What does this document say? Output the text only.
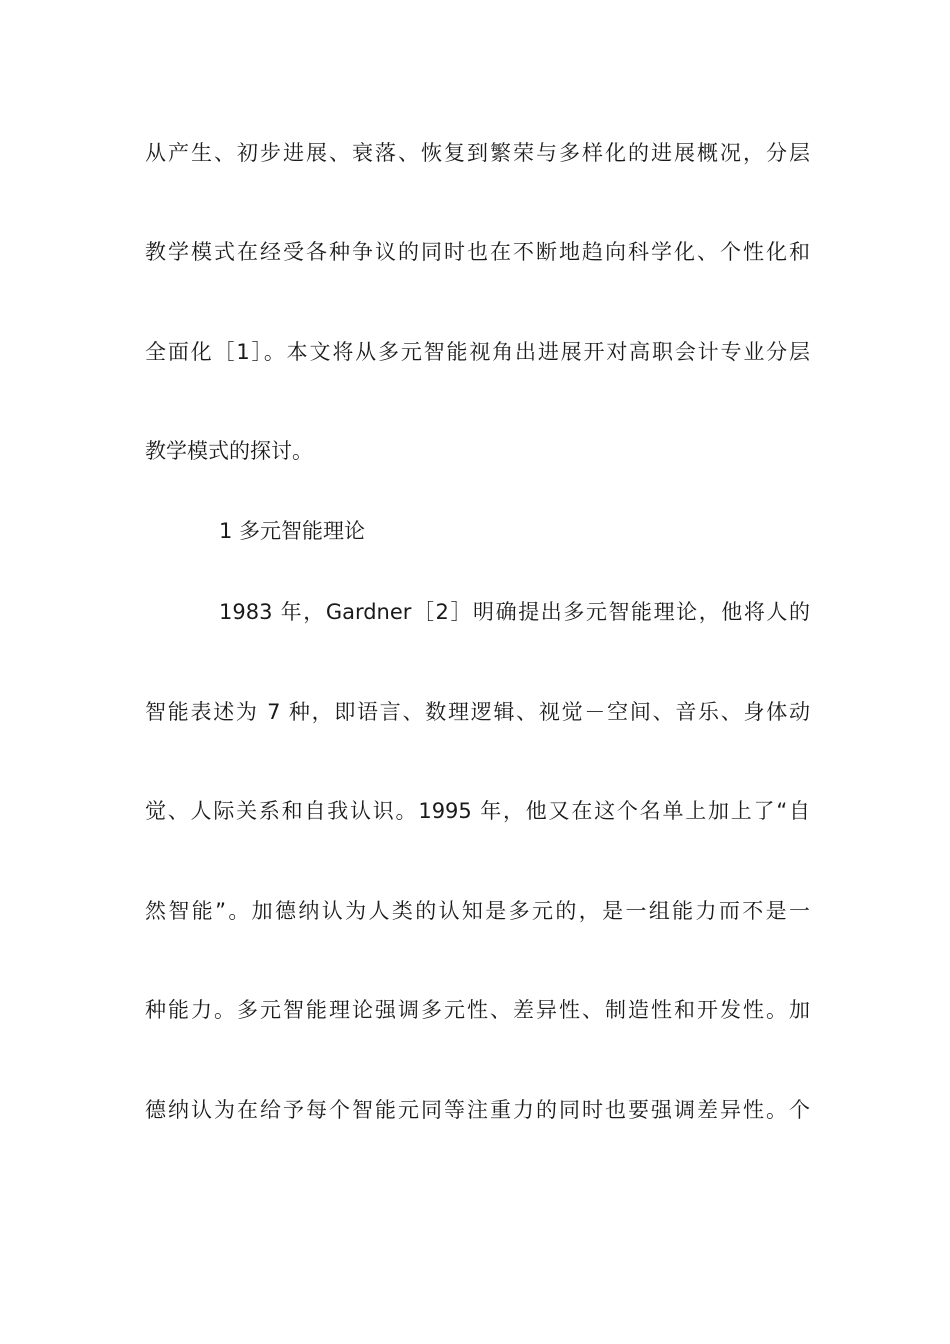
从产生、初步进展、衰落、恢复到繁荣与多样化的进展概况，分层
教学模式在经受各种争议的同时也在不断地趋向科学化、个性化和
全面化［1］。本文将从多元智能视角出进展开对高职会计专业分层
教学模式的探讨。
1 多元智能理论
1983 年，Gardner［2］明确提出多元智能理论，他将人的
智能表述为 7 种，即语言、数理逻辑、视觉－空间、音乐、身体动
觉、人际关系和自我认识。1995 年，他又在这个名单上加上了“自
然智能”。加德纳认为人类的认知是多元的，是一组能力而不是一
种能力。多元智能理论强调多元性、差异性、制造性和开发性。加
德纳认为在给予每个智能元同等注重力的同时也要强调差异性。个
